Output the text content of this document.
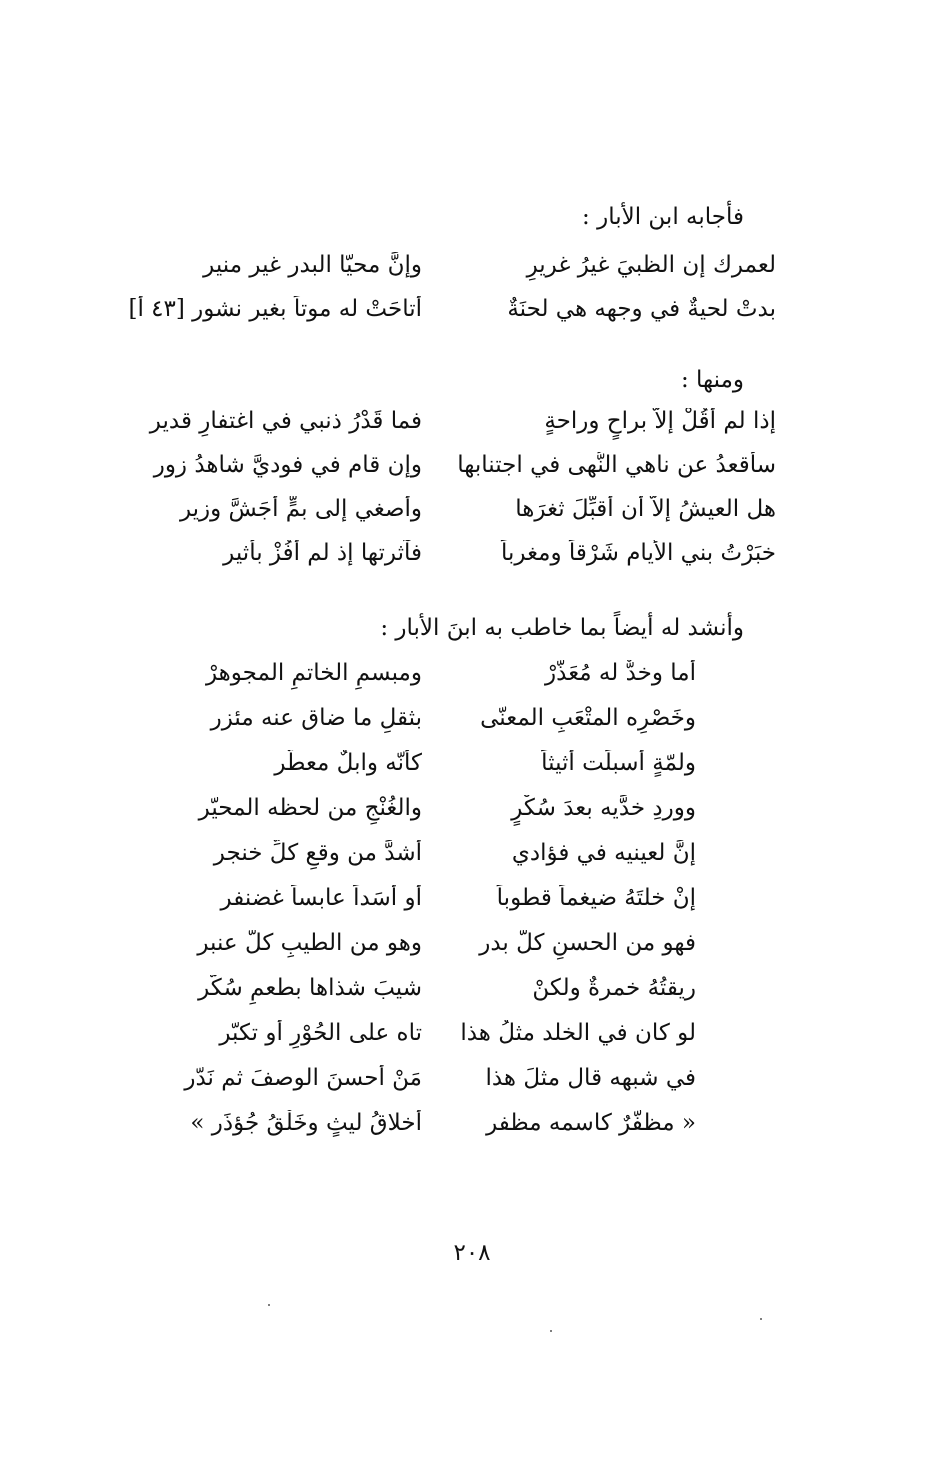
فأجابه ابن الأبار :
لعمرك إن الظبيَ غيرُ غريرِ
وإنَّ محيّا البدر غير منير
بدتْ لحيةٌ في وجهه هي لحنَةٌ
أتاحَتْ له موتاً بغير نشور [٤٣ أ]
ومنها :
إذا لم أقُلْ إلاَّ براحٍ وراحةٍ
فما قَدْرُ ذنبي في اغتفارِ قدير
سأقعدُ عن ناهي النُّهى في اجتنابها
وإن قام في فوديَّ شاهدُ زور
هل العيشُ إلاَّ أن أقبِّلَ ثغرَها
وأصغي إلى بمٍّ أجَشَّ وزير
خبَرْتُ بني الأيام شَرْقاً ومغرباً
فآثرتها إذ لم أفُزْ بأثير
وأنشد له أيضاً بما خاطب به ابنَ الأبار :
أما وخدٌّ له مُعَذَّرْ
ومبسمِ الخاتمِ المجوهرْ
وخَصْرِه المتْعَبِ المعنّى
بثقلِ ما ضاق عنه مئزر
ولمّةٍ أسبلَت أثيثاً
كأنّه وابلٌ معطّر
ووردِ خدَّيه بعدَ سُكْرٍ
والغُنْجِ من لحظه المحيّر
إنَّ لعينيه في فؤادي
أشدَّ من وقعِ كلِّ خنجر
إنْ خلتَهُ ضيغماً قطوباً
أو أسَداً عابساً غضنفر
فهو من الحسنِ كلُّ بدر
وهو من الطيبِ كلُّ عنبر
ريقتُهُ خمرةٌ ولكنْ
شيبَ شذاها بطعمِ سُكّر
لو كان في الخلد مثلُ هذا
تاه على الحُوْرِ أو تكبّر
في شبهه قال مثلَ هذا
مَنْ أحسنَ الوصفَ ثم نَدّر
« مظفَّرٌ كاسمه مظفر
أخلاقُ ليثٍ وخَلْقُ جُؤذَر »
٢٠٨
